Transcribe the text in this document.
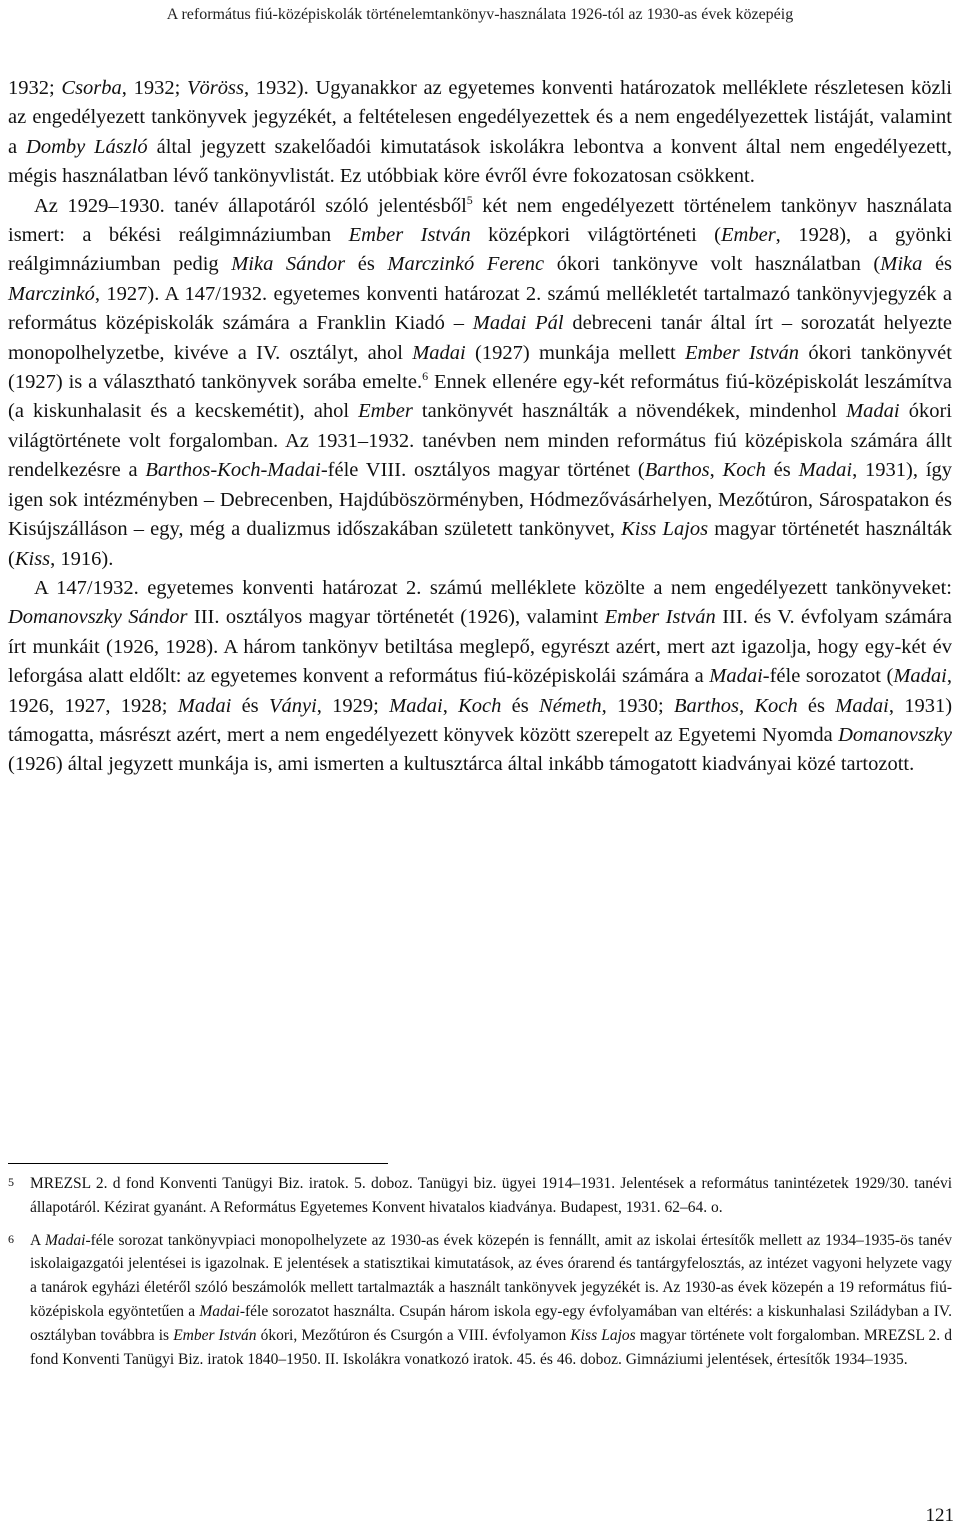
A református fiú-középiskolák történelemtankönyv-használata 1926-tól az 1930-as évek közepéig

1932; Csorba, 1932; Vöröss, 1932). Ugyanakkor az egyetemes konventi határozatok melléklete részletesen közli az engedélyezett tankönyvek jegyzékét, a feltételesen engedélyezettek és a nem engedélyezettek listáját, valamint a Domby László által jegyzett szakelőadói kimutatások iskolákra lebontva a konvent által nem engedélyezett, mégis használatban lévő tankönyvlistát. Ez utóbbiak köre évről évre fokozatosan csökkent.

Az 1929–1930. tanév állapotáról szóló jelentésből$^5$ két nem engedélyezett történelem tankönyv használata ismert: a békési reálgimnáziumban Ember István középkori világtörténeti (Ember, 1928), a gyönki reálgimnáziumban pedig Mika Sándor és Marczinkó Ferenc ókori tankönyve volt használatban (Mika és Marczinkó, 1927). A 147/1932. egyetemes konventi határozat 2. számú mellékletét tartalmazó tankönyvjegyzék a református középiskolák számára a Franklin Kiadó – Madai Pál debreceni tanár által írt – sorozatát helyezte monopolhelyzetbe, kivéve a IV. osztályt, ahol Madai (1927) munkája mellett Ember István ókori tankönyvét (1927) is a választható tankönyvek sorába emelte.$^6$ Ennek ellenére egy-két református fiú-középiskolát leszámítva (a kiskunhalasit és a kecskemétit), ahol Ember tankönyvét használták a növendékek, mindenhol Madai ókori világtörténete volt forgalomban. Az 1931–1932. tanévben nem minden református fiú középiskola számára állt rendelkezésre a Barthos-Koch-Madai-féle VIII. osztályos magyar történet (Barthos, Koch és Madai, 1931), így igen sok intézményben – Debrecenben, Hajdúböszörményben, Hódmezővásárhelyen, Mezőtúron, Sárospatakon és Kisújszálláson – egy, még a dualizmus időszakában született tankönyvet, Kiss Lajos magyar történetét használták (Kiss, 1916).

A 147/1932. egyetemes konventi határozat 2. számú melléklete közölte a nem engedélyezett tankönyveket: Domanovszky Sándor III. osztályos magyar történetét (1926), valamint Ember István III. és V. évfolyam számára írt munkáit (1926, 1928). A három tankönyv betiltása meglepő, egyrészt azért, mert azt igazolja, hogy egy-két év leforgása alatt eldőlt: az egyetemes konvent a református fiú-középiskolái számára a Madai-féle sorozatot (Madai, 1926, 1927, 1928; Madai és Ványi, 1929; Madai, Koch és Németh, 1930; Barthos, Koch és Madai, 1931) támogatta, másrészt azért, mert a nem engedélyezett könyvek között szerepelt az Egyetemi Nyomda Domanovszky (1926) által jegyzett munkája is, ami ismerten a kultusztárca által inkább támogatott kiadványai közé tartozott.

5	MREZSL 2. d fond Konventi Tanügyi Biz. iratok. 5. doboz. Tanügyi biz. ügyei 1914–1931. Jelentések a református tanintézetek 1929/30. tanévi állapotáról. Kézirat gyanánt. A Református Egyetemes Konvent hivatalos kiadványa. Budapest, 1931. 62–64. o.
6	A Madai-féle sorozat tankönyvpiaci monopolhelyzete az 1930-as évek közepén is fennállt, amit az iskolai értesítők mellett az 1934–1935-ös tanév iskolaigazgatói jelentései is igazolnak. E jelentések a statisztikai kimutatások, az éves órarend és tantárgyfelosztás, az intézet vagyoni helyzete vagy a tanárok egyházi életéről szóló beszámolók mellett tartalmazták a használt tankönyvek jegyzékét is. Az 1930-as évek közepén a 19 református fiú-középiskola egyöntetűen a Madai-féle sorozatot használta. Csupán három iskola egy-egy évfolyamában van eltérés: a kiskunhalasi Sziládyban a IV. osztályban továbbra is Ember István ókori, Mezőtúron és Csurgón a VIII. évfolyamon Kiss Lajos magyar története volt forgalomban. MREZSL 2. d fond Konventi Tanügyi Biz. iratok 1840–1950. II. Iskolákra vonatkozó iratok. 45. és 46. doboz. Gimnáziumi jelentések, értesítők 1934–1935.
121
